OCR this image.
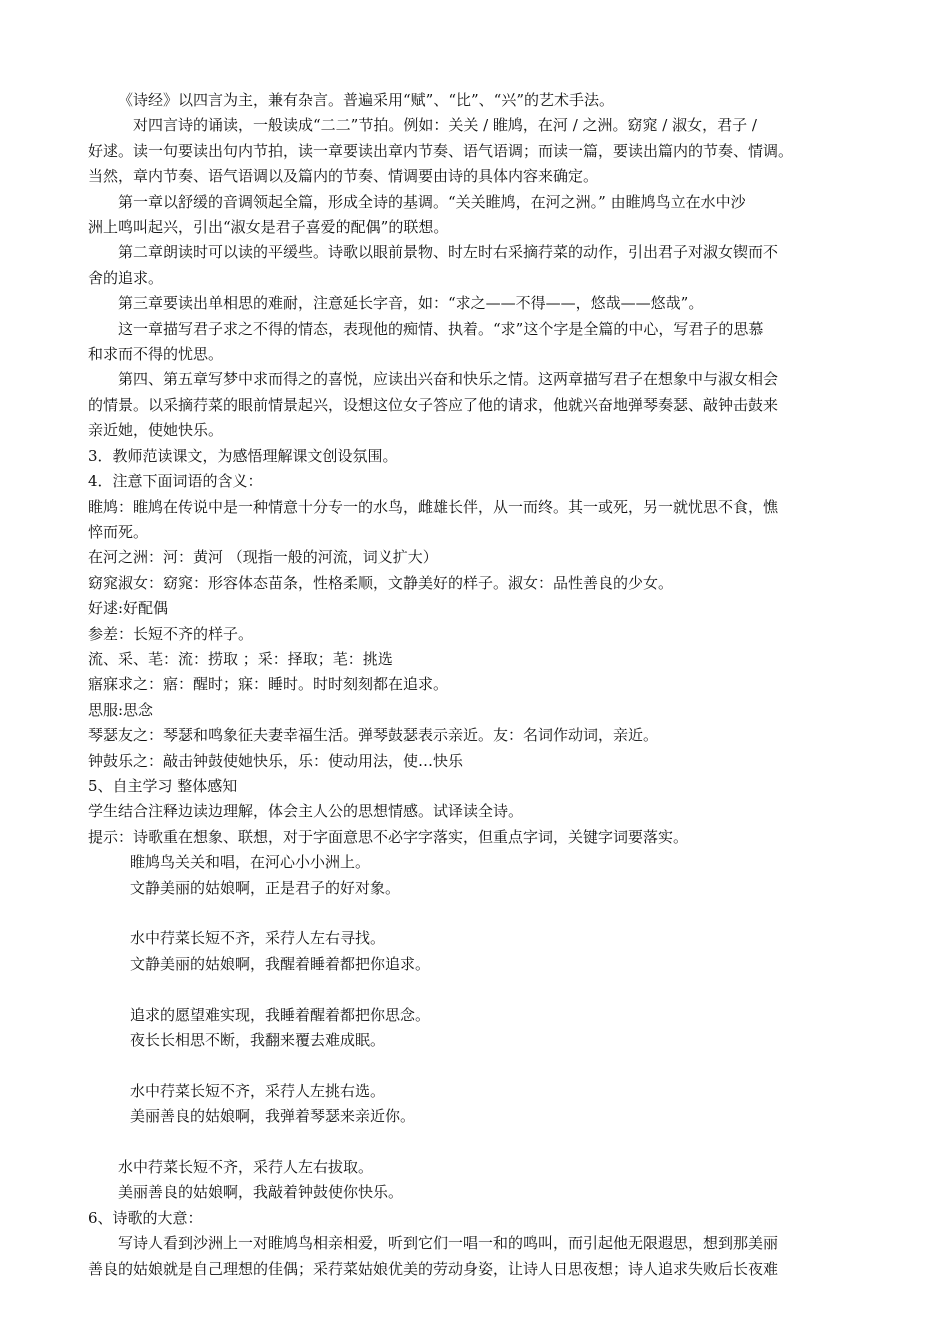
《诗经》以四言为主，兼有杂言。普遍采用“赋”、“比”、“兴”的艺术手法。

对四言诗的诵读，一般读成“二二”节拍。例如：关关 / 睢鸠，在河 / 之洲。窈窕 / 淑女，君子 /

好逑。读一句要读出句内节拍，读一章要读出章内节奏、语气语调；而读一篇，要读出篇内的节奏、情调。

当然，章内节奏、语气语调以及篇内的节奏、情调要由诗的具体内容来确定。

第一章以舒缓的音调领起全篇，形成全诗的基调。“关关睢鸠，在河之洲。” 由睢鸠鸟立在水中沙

洲上鸣叫起兴，引出“淑女是君子喜爱的配偶”的联想。

第二章朗读时可以读的平缓些。诗歌以眼前景物、时左时右采摘荇菜的动作，引出君子对淑女锲而不

舍的追求。

第三章要读出单相思的难耐，注意延长字音，如：“求之——不得——，悠哉——悠哉”。

这一章描写君子求之不得的情态，表现他的痴情、执着。“求”这个字是全篇的中心，写君子的思慕

和求而不得的忧思。

第四、第五章写梦中求而得之的喜悦，应读出兴奋和快乐之情。这两章描写君子在想象中与淑女相会

的情景。以采摘荇菜的眼前情景起兴，设想这位女子答应了他的请求，他就兴奋地弹琴奏瑟、敲钟击鼓来

亲近她，使她快乐。

3．教师范读课文，为感悟理解课文创设氛围。

4．注意下面词语的含义：

睢鸠：睢鸠在传说中是一种情意十分专一的水鸟，雌雄长伴，从一而终。其一或死，另一就忧思不食，憔

悴而死。

在河之洲：河：黄河 （现指一般的河流，词义扩大）

窈窕淑女：窈窕：形容体态苗条，性格柔顺，文静美好的样子。淑女：品性善良的少女。

好逑:好配偶

参差：长短不齐的样子。

流、采、芼：流：捞取 ；采：择取；芼：挑选

寤寐求之：寤：醒时；寐：睡时。时时刻刻都在追求。

思服:思念

琴瑟友之：琴瑟和鸣象征夫妻幸福生活。弹琴鼓瑟表示亲近。友：名词作动词，亲近。

钟鼓乐之：敲击钟鼓使她快乐，乐：使动用法，使…快乐

5、自主学习 整体感知

学生结合注释边读边理解，体会主人公的思想情感。试译读全诗。

提示：诗歌重在想象、联想，对于字面意思不必字字落实，但重点字词，关键字词要落实。

睢鸠鸟关关和唱，在河心小小洲上。

文静美丽的姑娘啊，正是君子的好对象。

水中荇菜长短不齐，采荇人左右寻找。

文静美丽的姑娘啊，我醒着睡着都把你追求。

追求的愿望难实现，我睡着醒着都把你思念。

夜长长相思不断，我翻来覆去难成眠。

水中荇菜长短不齐，采荇人左挑右选。

美丽善良的姑娘啊，我弹着琴瑟来亲近你。

水中荇菜长短不齐，采荇人左右拔取。

美丽善良的姑娘啊，我敲着钟鼓使你快乐。

6、诗歌的大意：

写诗人看到沙洲上一对睢鸠鸟相亲相爱，听到它们一唱一和的鸣叫，而引起他无限遐思，想到那美丽

善良的姑娘就是自己理想的佳偶；采荇菜姑娘优美的劳动身姿，让诗人日思夜想；诗人追求失败后长夜难
